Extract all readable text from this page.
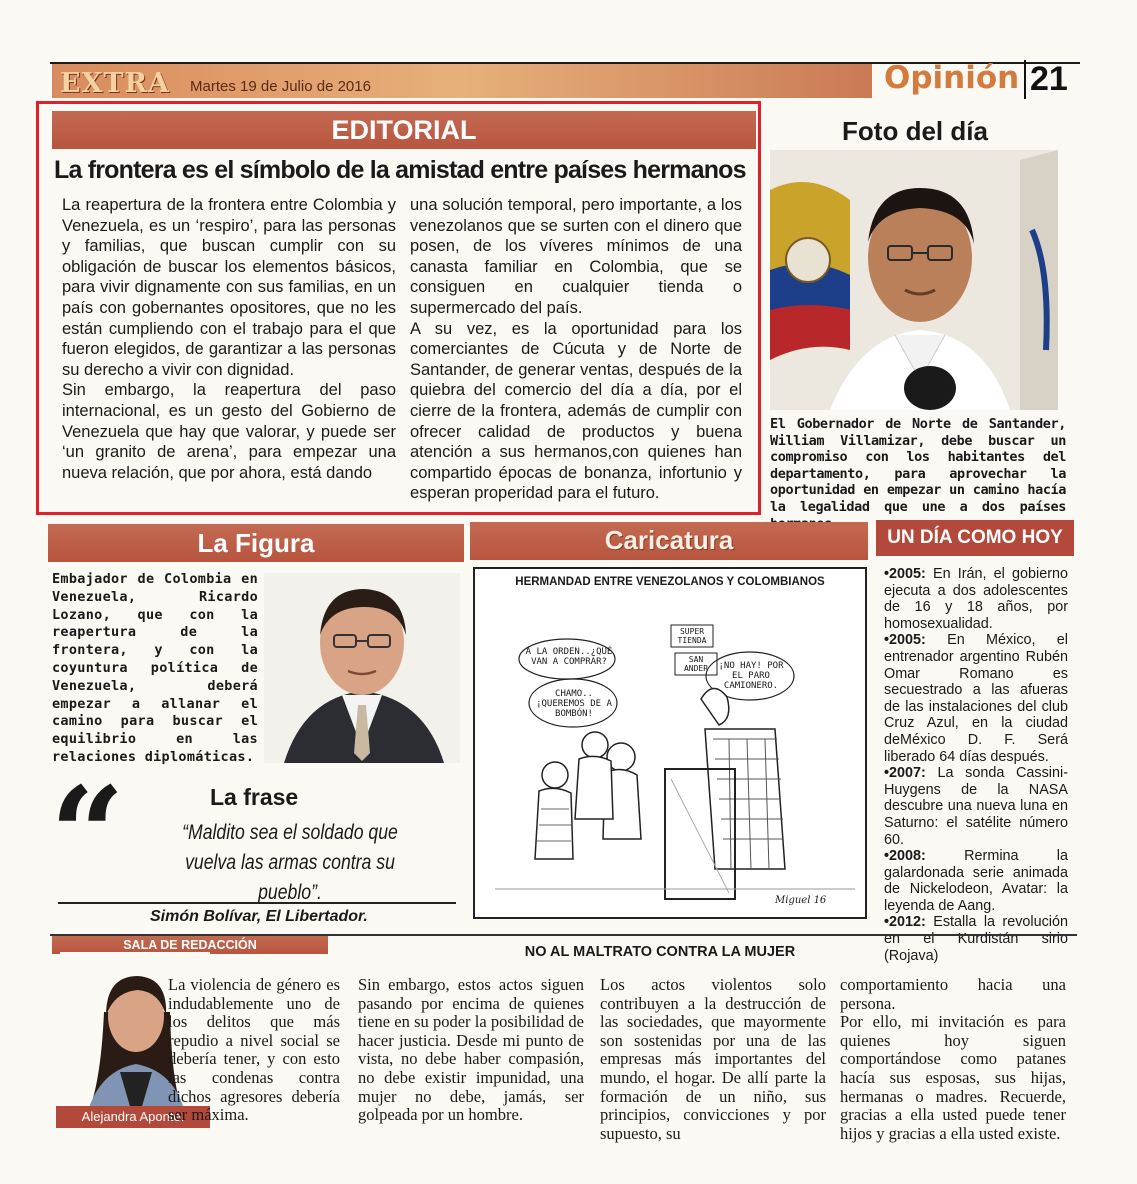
EXTRA Martes 19 de Julio de 2016	Opinión 21
EDITORIAL
La frontera es el símbolo de la amistad entre países hermanos

La reapertura de la frontera entre Colombia y Venezuela, es un ‘respiro’, para las personas y familias, que buscan cumplir con su obligación de buscar los elementos básicos, para vivir dignamente con sus familias, en un país con gobernantes opositores, que no les están cumpliendo con el trabajo para el que fueron elegidos, de garantizar a las personas su derecho a vivir con dignidad.

Sin embargo, la reapertura del paso internacional, es un gesto del Gobierno de Venezuela que hay que valorar, y puede ser ‘un granito de arena’, para empezar una nueva relación, que por ahora, está dando

una solución temporal, pero importante, a los venezolanos que se surten con el dinero que posen, de los víveres mínimos de una canasta familiar en Colombia, que se consiguen en cualquier tienda o supermercado del país.

A su vez, es la oportunidad para los comerciantes de Cúcuta y de Norte de Santander, de generar ventas, después de la quiebra del comercio del día a día, por el cierre de la frontera, además de cumplir con ofrecer calidad de productos y buena atención a sus hermanos,con quienes han compartido épocas de bonanza, infortunio y esperan properidad para el futuro.

Foto del día
El Gobernador de Norte de Santander, William Villamizar, debe buscar un compromiso con los habitantes del departamento, para aprovechar la oportunidad en empezar un camino hacía la legalidad que une a dos países
La Figura
Embajador de Colombia en Venezuela, Ricardo Lozano, que con la reapertura de la frontera, y con la coyuntura política de Venezuela, deberá empezar a allanar el camino para buscar el equilibrio en las relaciones diplomáticas.
“	La frase
“Maldito sea el soldado que vuelva las armas contra su pueblo”.
Simón Bolívar, El Libertador.
Caricatura
A LA ORDEN..¿QUÉ VAN A COMPRAR?
CHAMO.. ¡QUEREMOS DE A BOMBÓN!
¡NO HAY! POR EL PARO CAMIONERO.
SUPER TIENDA
SAN ANDER
Miguel 16
HERMANDAD ENTRE VENEZOLANOS Y COLOMBIANOS
UN DÍA COMO HOY

•2005: En Irán, el gobierno ejecuta a dos adolescentes de 16 y 18 años, por homosexualidad.

•2005: En México, el entrenador argentino Rubén Omar Romano es secuestrado a las afueras de las instalaciones del club Cruz Azul, en la ciudad deMéxico D. F. Será liberado 64 días después.

•2007: La sonda Cassini-Huygens de la NASA descubre una nueva luna en Saturno: el satélite número 60.

•2008: Rermina la galardonada serie animada de Nickelodeon, Avatar: la leyenda de Aang.

•2012: Estalla la revolución en el Kurdistán sirio (Rojava)

SALA DE REDACCIÓN	NO AL MALTRATO CONTRA LA MUJER
Alejandra Aponte.
La violencia de género es indudablemente uno de los delitos que más repudio a nivel social se debería tener, y con esto las condenas contra dichos agresores debería ser máxima.
Sin embargo, estos actos siguen pasando por encima de quienes tiene en su poder la posibilidad de hacer justicia. Desde mi punto de vista, no debe haber compasión, no debe existir impunidad, una mujer no debe, jamás, ser golpeada por un hombre.
Los actos violentos solo contribuyen a la destrucción de las sociedades, que mayormente son sostenidas por una de las empresas más importantes del mundo, el hogar. De allí parte la formación de un niño, sus principios, convicciones y por supuesto, su
comportamiento hacia una persona.
Por ello, mi invitación es para quienes hoy siguen comportándose como patanes hacía sus esposas, sus hijas, hermanas o madres. Recuerde, gracias a ella usted puede tener hijos y gracias a ella usted existe.
